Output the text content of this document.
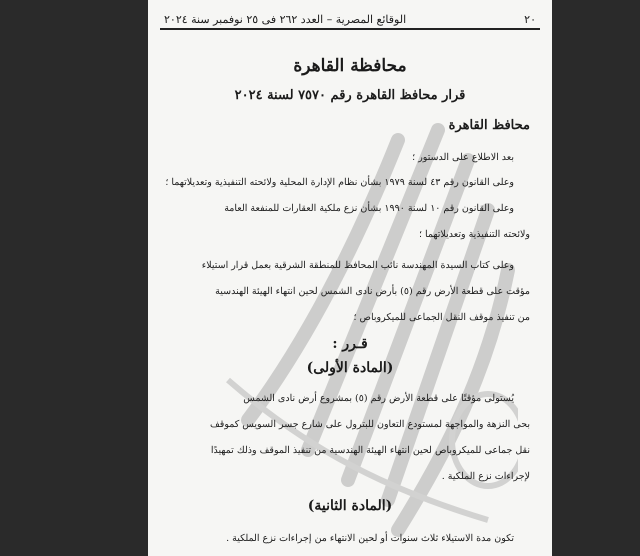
٢٠
الوقائع المصرية – العدد ٢٦٢ فى ٢٥ نوفمبر سنة ٢٠٢٤
محافظة القاهرة
قرار محافظ القاهرة رقم ٧٥٧٠ لسنة ٢٠٢٤
محافظ القاهرة
بعد الاطلاع على الدستور ؛
وعلى القانون رقم ٤٣ لسنة ١٩٧٩ بشأن نظام الإدارة المحلية ولائحته التنفيذية وتعديلاتهما ؛
وعلى القانون رقم ١٠ لسنة ١٩٩٠ بشأن نزع ملكية العقارات للمنفعة العامة
ولائحته التنفيذية وتعديلاتهما ؛
وعلى كتاب السيدة المهندسة نائب المحافظ للمنطقة الشرقية بعمل قرار استيلاء
مؤقت على قطعة الأرض رقم (٥) بأرض نادى الشمس لحين انتهاء الهيئة الهندسية
من تنفيذ موقف النقل الجماعى للميكروباص ؛
قـرر :
(المادة الأولى)
يُستولى مؤقتًا على قطعة الأرض رقم (٥) بمشروع أرض نادى الشمس
بحى النزهة والمواجهة لمستودع التعاون للبترول على شارع جسر السويس كموقف
نقل جماعى للميكروباص لحين انتهاء الهيئة الهندسية من تنفيذ الموقف وذلك تمهيدًا
لإجراءات نزع الملكية .
(المادة الثانية)
تكون مدة الاستيلاء ثلاث سنوات أو لحين الانتهاء من إجراءات نزع الملكية .
